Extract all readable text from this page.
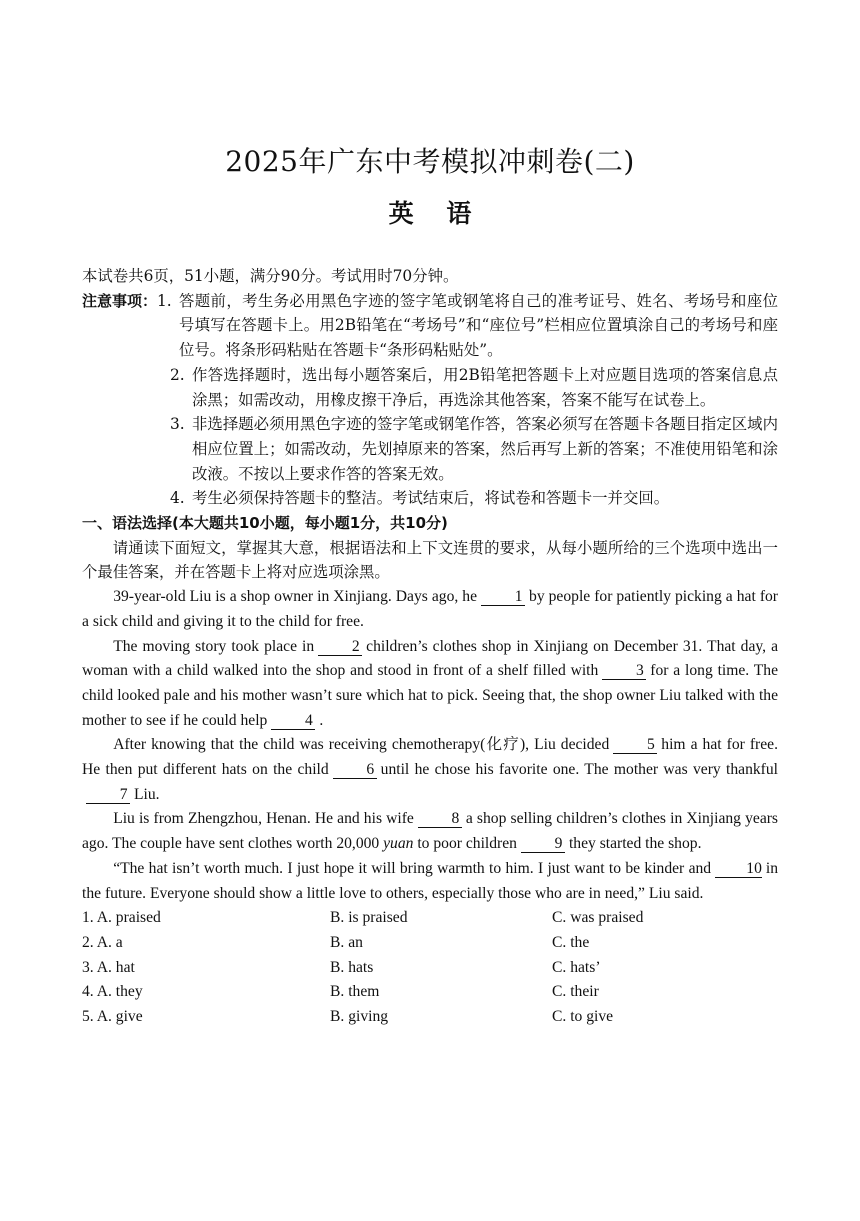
2025年广东中考模拟冲刺卷(二)
英 语

本试卷共6页，51小题，满分90分。考试用时70分钟。

注意事项： 1. 答题前，考生务必用黑色字迹的签字笔或钢笔将自己的准考证号、姓名、考场号和座位号填写在答题卡上。用2B铅笔在“考场号”和“座位号”栏相应位置填涂自己的考场号和座位号。将条形码粘贴在答题卡“条形码粘贴处”。
2. 作答选择题时，选出每小题答案后，用2B铅笔把答题卡上对应题目选项的答案信息点涂黑；如需改动，用橡皮擦干净后，再选涂其他答案，答案不能写在试卷上。
3. 非选择题必须用黑色字迹的签字笔或钢笔作答，答案必须写在答题卡各题目指定区域内相应位置上；如需改动，先划掉原来的答案，然后再写上新的答案；不准使用铅笔和涂改液。不按以上要求作答的答案无效。
4. 考生必须保持答题卡的整洁。考试结束后，将试卷和答题卡一并交回。

一、语法选择(本大题共10小题，每小题1分，共10分)

请通读下面短文，掌握其大意，根据语法和上下文连贯的要求，从每小题所给的三个选项中选出一个最佳答案，并在答题卡上将对应选项涂黑。

39-year-old Liu is a shop owner in Xinjiang. Days ago, he 1 by people for patiently picking a hat for a sick child and giving it to the child for free.

The moving story took place in 2 children’s clothes shop in Xinjiang on December 31. That day, a woman with a child walked into the shop and stood in front of a shelf filled with 3 for a long time. The child looked pale and his mother wasn’t sure which hat to pick. Seeing that, the shop owner Liu talked with the mother to see if he could help 4 .

After knowing that the child was receiving chemotherapy(化疗), Liu decided 5 him a hat for free. He then put different hats on the child 6 until he chose his favorite one. The mother was very thankful7 Liu.

Liu is from Zhengzhou, Henan. He and his wife 8 a shop selling children’s clothes in Xinjiang years ago. The couple have sent clothes worth 20,000 yuan to poor children 9 they started the shop.

“The hat isn’t worth much. I just hope it will bring warmth to him. I just want to be kinder and 10 in the future. Everyone should show a little love to others, especially those who are in need,” Liu said.

1. A. praised	B. is praised	C. was praised
2. A. a	B. an	C. the
3. A. hat	B. hats	C. hats’
4. A. they	B. them	C. their
5. A. give	B. giving	C. to give
